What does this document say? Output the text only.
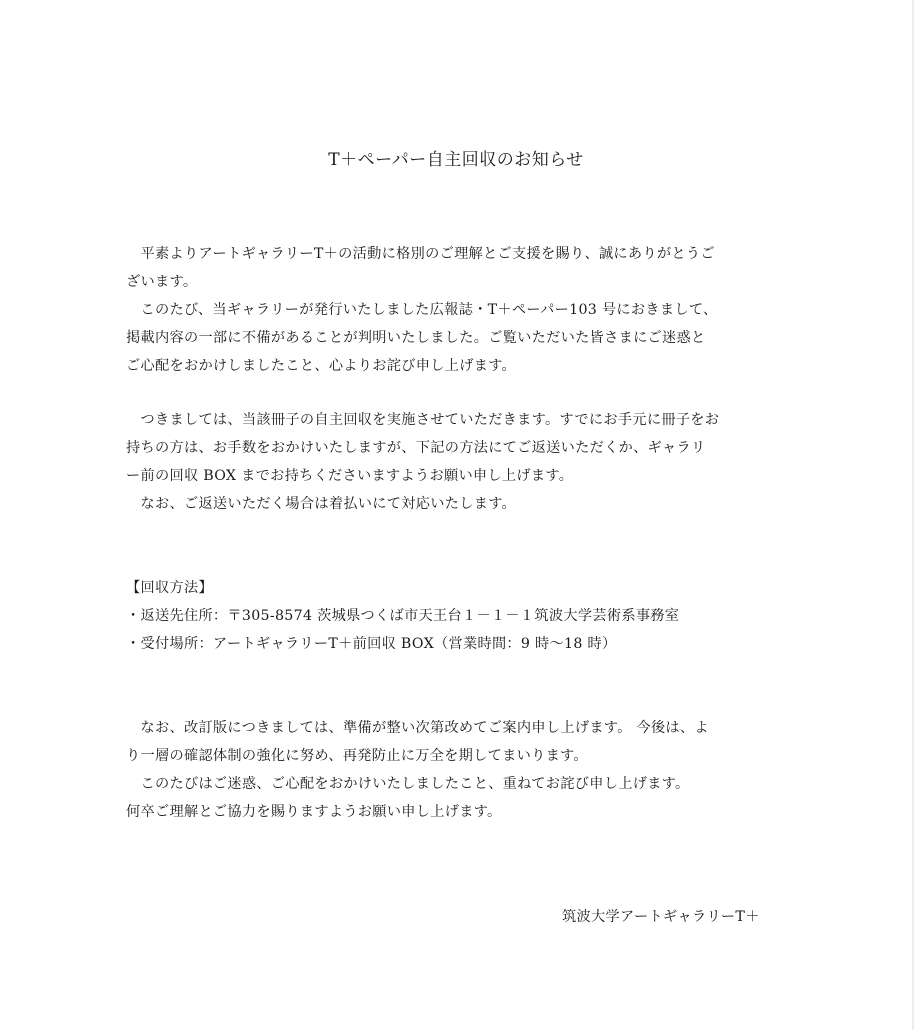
T＋ペーパー自主回収のお知らせ
　平素よりアートギャラリーT＋の活動に格別のご理解とご支援を賜り、誠にありがとうご
ざいます。
　このたび、当ギャラリーが発行いたしました広報誌・T＋ペーパー103 号におきまして、
掲載内容の一部に不備があることが判明いたしました。ご覧いただいた皆さまにご迷惑と
ご心配をおかけしましたこと、心よりお詫び申し上げます。
　つきましては、当該冊子の自主回収を実施させていただきます。すでにお手元に冊子をお
持ちの方は、お手数をおかけいたしますが、下記の方法にてご返送いただくか、ギャラリ
ー前の回収 BOX までお持ちくださいますようお願い申し上げます。
　なお、ご返送いただく場合は着払いにて対応いたします。
【回収方法】
・返送先住所：〒305-8574 茨城県つくば市天王台１－１－１筑波大学芸術系事務室
・受付場所：アートギャラリーT＋前回収 BOX（営業時間：9 時～18 時）
　なお、改訂版につきましては、準備が整い次第改めてご案内申し上げます。 今後は、よ
り一層の確認体制の強化に努め、再発防止に万全を期してまいります。
　このたびはご迷惑、ご心配をおかけいたしましたこと、重ねてお詫び申し上げます。
何卒ご理解とご協力を賜りますようお願い申し上げます。
筑波大学アートギャラリーT＋
